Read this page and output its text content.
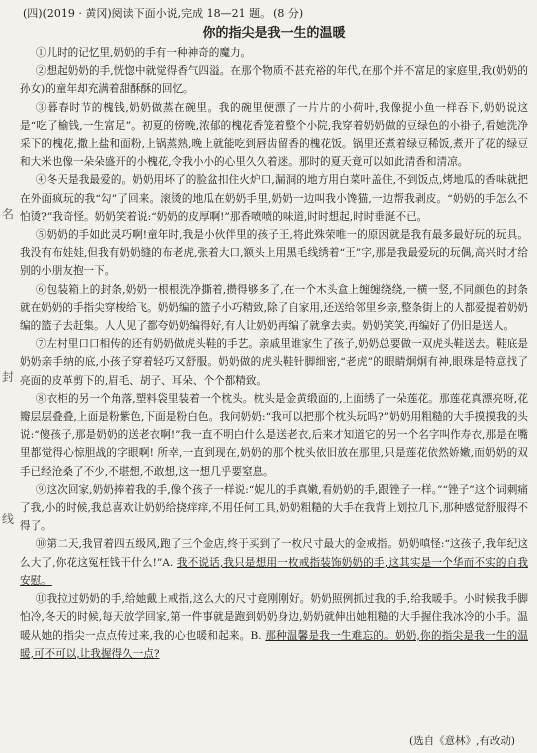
名
封
线
(四)(2019 · 黄冈)阅读下面小说,完成 18—21 题。 (8 分)
你的指尖是我一生的温暖

①儿时的记忆里,奶奶的手有一种神奇的魔力。

②想起奶奶的手,恍惚中就觉得香气四溢。在那个物质不甚充裕的年代,在那个并不富足的家庭里,我(奶奶的孙女)的童年却充满着甜酥酥的回忆。

③暮春时节的槐钱,奶奶做蒸在碗里。我的碗里便漂了一片片的小荷叶,我像捉小鱼一样吞下,奶奶说这是“吃了榆钱,一生富足”。初夏的傍晚,浓郁的槐花香笼着整个小院,我穿着奶奶做的豆绿色的小褂子,看她洗净采下的槐花,撒上盐和面粉,上锅蒸熟,晚上就能吃到唇齿留香的槐花饭。锅里还煮着绿豆稀饭,煮开了花的绿豆和大米也像一朵朵盛开的小槐花,令我小小的心里久久着迷。那时的夏天竟可以如此清香和清凉。

④冬天是我最爱的。奶奶用坏了的脸盆扣住火炉口,漏洞的地方用白菜叶盖住,不到饭点,烤地瓜的香味就把在外面疯玩的我“勾”了回来。滚烫的地瓜在奶奶手里,奶奶一边叫我小馋猫,一边帮我剥皮。“奶奶的手怎么不怕烫?”我奇怪。奶奶笑着说:“奶奶的皮厚啊!”那香喷喷的味道,时时想起,时时垂涎不已。

⑤奶奶的手如此灵巧啊!童年时,我是小伙伴里的孩子王,将此殊荣唯一的原因就是我有最多最好玩的玩具。我没有布娃娃,但我有奶奶缝的布老虎,张着大口,额头上用黑毛线绣着“王”字,那是我最爱玩的玩偶,高兴时才给别的小朋友抱一下。

⑥包装箱上的封条,奶奶一根根洗净撕着,攒得够多了,在一个木头盒上缠缠绕绕,一横一竖,不同颜色的封条就在奶奶的手指尖穿梭给飞。奶奶编的篮子小巧精致,除了自家用,还送给邻里乡亲,整条街上的人都爱提着奶奶编的篮子去赶集。人人见了都夸奶奶编得好,有人让奶奶再编了就拿去卖。奶奶笑笑,再编好了仍旧是送人。

⑦左村里口口相传的还有奶奶做虎头鞋的手艺。亲戚里谁家生了孩子,奶奶总要做一双虎头鞋送去。鞋底是奶奶亲手纳的底,小孩子穿着轻巧又舒服。奶奶做的虎头鞋针脚细密,“老虎”的眼睛炯炯有神,眼珠是特意找了亮面的皮革剪下的,眉毛、胡子、耳朵、个个都精致。

⑧衣柜的另一个角落,塑料袋里装着一个枕头。枕头是金黄缎面的,上面绣了一朵莲花。那莲花真漂亮呀,花瓣层层叠叠,上面是粉紫色,下面是粉白色。我问奶奶:“我可以把那个枕头玩吗?”奶奶用粗糙的大手摸摸我的头说:“傻孩子,那是奶奶的送老衣啊!”我一直不明白什么是送老衣,后来才知道它的另一个名字叫作寿衣,那是在嘴里都觉得心惊胆战的字眼啊! 所幸,一直到现在,奶奶的那个枕头依旧放在那里,只是莲花依然娇嫩,而奶奶的双手已经沧桑了不少,不堪想,不敢想,这一想几乎要窒息。

⑨这次回家,奶奶捧着我的手,像个孩子一样说:“妮儿的手真嫩,看奶奶的手,跟锉子一样。”“锉子”这个词刺痛了我,小的时候,我总喜欢让奶奶给挠痒痒,不用任何工具,奶奶粗糙的大手在我背上划拉几下,那种感觉舒服得不得了。

⑩第二天,我冒着四五级风,跑了三个金店,终于买到了一枚尺寸最大的金戒指。奶奶嗔怪:“这孩子,我年纪这么大了,你花这冤枉钱干什么!”A. 我不说话,我只是想用一枚戒指装饰奶奶的手,这其实是一个华而不实的自我安慰。

⑪我拉过奶奶的手,给她戴上戒指,这么大的尺寸竟刚刚好。奶奶照例抓过我的手,给我暖手。小时候我手脚怕冷,冬天的时候,每天放学回家,第一件事就是跑到奶奶身边,奶奶就伸出她粗糙的大手握住我冰冷的小手。温暖从她的指尖一点点传过来,我的心也暖和起来。B. 那种温馨是我一生难忘的。奶奶,你的指尖是我一生的温暖,可不可以,让我握得久一点?

(选自《意林》,有改动)
